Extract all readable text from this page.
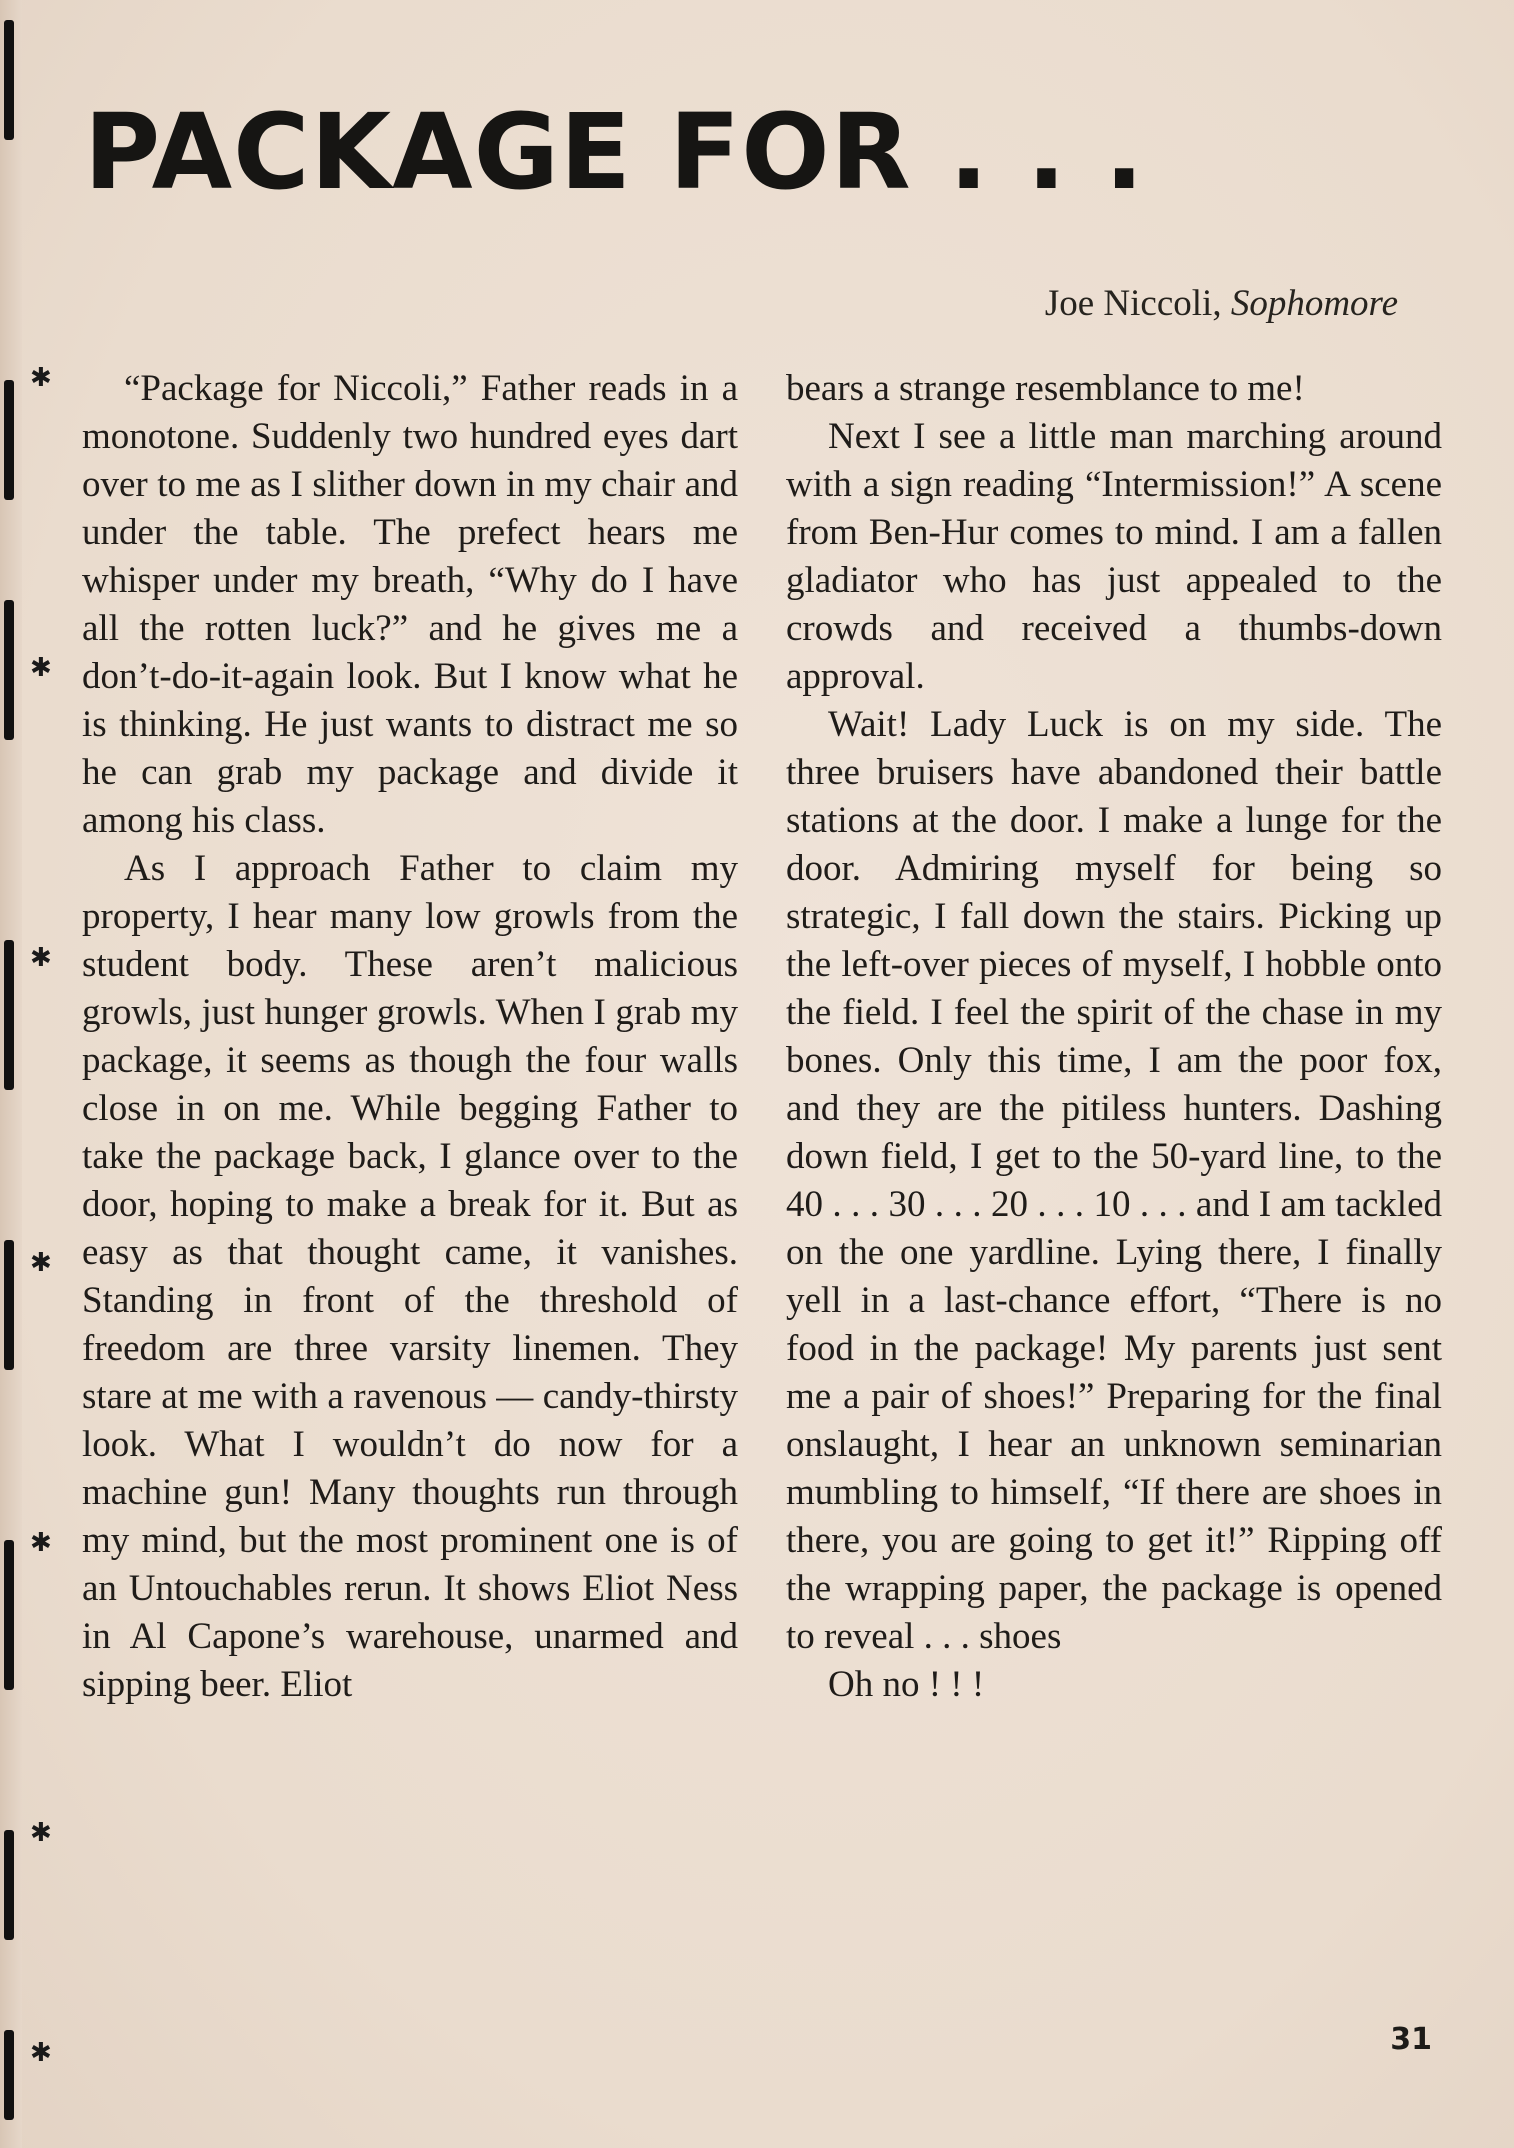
✱
✱
✱
✱
✱
✱
✱
PACKAGE FOR . . .
Joe Niccoli, Sophomore

“Package for Niccoli,” Father reads in a monotone. Suddenly two hundred eyes dart over to me as I slither down in my chair and under the table. The prefect hears me whisper under my breath, “Why do I have all the rotten luck?” and he gives me a don’t-do-it-again look. But I know what he is thinking. He just wants to distract me so he can grab my package and divide it among his class.

As I approach Father to claim my property, I hear many low growls from the student body. These aren’t malicious growls, just hunger growls. When I grab my package, it seems as though the four walls close in on me. While begging Father to take the package back, I glance over to the door, hoping to make a break for it. But as easy as that thought came, it vanishes. Standing in front of the threshold of freedom are three varsity linemen. They stare at me with a ravenous — candy-thirsty look. What I wouldn’t do now for a machine gun! Many thoughts run through my mind, but the most prominent one is of an Untouchables rerun. It shows Eliot Ness in Al Capone’s warehouse, unarmed and sipping beer. Eliot

bears a strange resemblance to me!

Next I see a little man marching around with a sign reading “Intermission!” A scene from Ben-Hur comes to mind. I am a fallen gladiator who has just appealed to the crowds and received a thumbs-down approval.

Wait! Lady Luck is on my side. The three bruisers have abandoned their battle stations at the door. I make a lunge for the door. Admiring myself for being so strategic, I fall down the stairs. Picking up the left-over pieces of myself, I hobble onto the field. I feel the spirit of the chase in my bones. Only this time, I am the poor fox, and they are the pitiless hunters. Dashing down field, I get to the 50-yard line, to the 40 . . . 30 . . . 20 . . . 10 . . . and I am tackled on the one yardline. Lying there, I finally yell in a last-chance effort, “There is no food in the package! My parents just sent me a pair of shoes!” Preparing for the final onslaught, I hear an unknown seminarian mumbling to himself, “If there are shoes in there, you are going to get it!” Ripping off the wrapping paper, the package is opened to reveal . . . shoes

Oh no ! ! !

31
